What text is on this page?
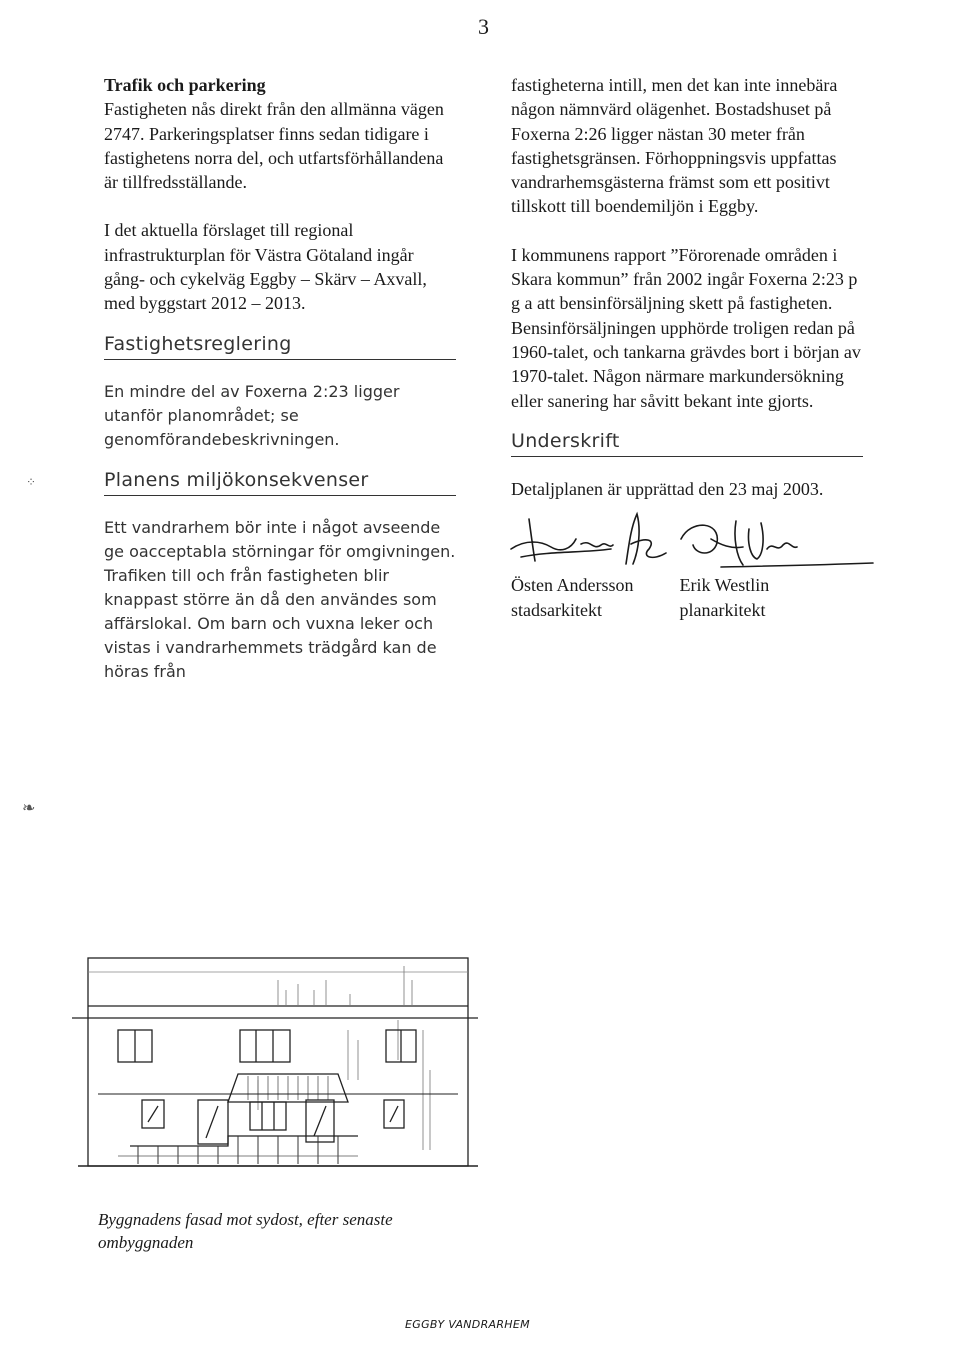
3

Trafik och parkering

Fastigheten nås direkt från den allmänna vägen 2747. Parkeringsplatser finns sedan tidigare i fastighetens norra del, och utfartsförhållandena är tillfredsställande.

I det aktuella förslaget till regional infrastrukturplan för Västra Götaland ingår gång- och cykelväg Eggby – Skärv – Axvall, med byggstart 2012 – 2013.

Fastighetsreglering

En mindre del av Foxerna 2:23 ligger utanför planområdet; se genomförandebeskrivningen.

Planens miljökonsekvenser

Ett vandrarhem bör inte i något avseende ge oacceptabla störningar för omgivningen. Trafiken till och från fastigheten blir knappast större än då den användes som affärslokal. Om barn och vuxna leker och vistas i vandrarhemmets trädgård kan de höras från

fastigheterna intill, men det kan inte innebära någon nämnvärd olägenhet. Bostadshuset på Foxerna 2:26 ligger nästan 30 meter från fastighetsgränsen. Förhoppningsvis uppfattas vandrarhemsgästerna främst som ett positivt tillskott till boendemiljön i Eggby.

I kommunens rapport ”Förorenade områden i Skara kommun” från 2002 ingår Foxerna 2:23 p g a att bensinförsäljning skett på fastigheten. Bensinförsäljningen upphörde troligen redan på 1960-talet, och tankarna grävdes bort i början av 1970-talet. Någon närmare markundersökning eller sanering har såvitt bekant inte gjorts.

Underskrift

Detaljplanen är upprättad den 23 maj 2003.

Östen Andersson
stadsarkitekt
Erik Westlin
planarkitekt
Byggnadens fasad mot sydost, efter senaste ombyggnaden
EGGBY VANDRARHEM
❧
⁘
